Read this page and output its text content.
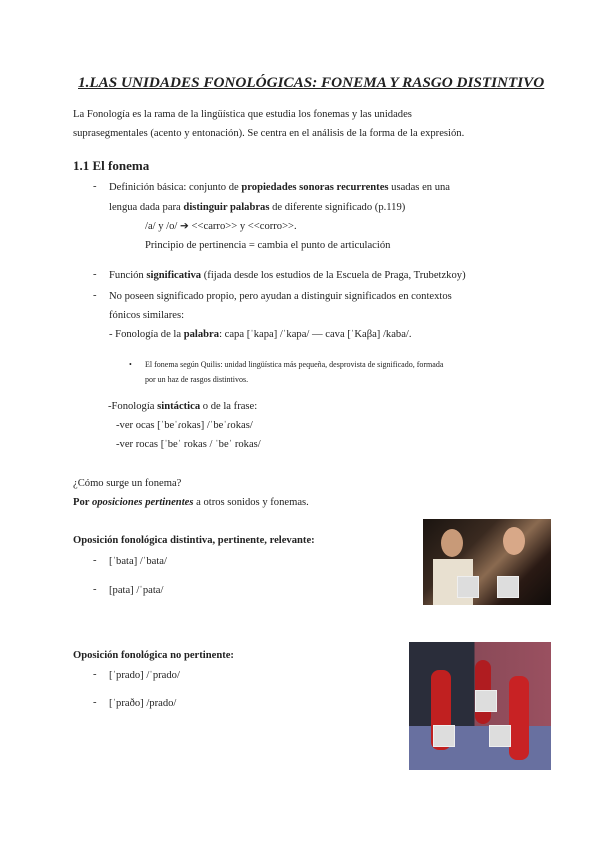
1.LAS UNIDADES FONOLÓGICAS: FONEMA Y RASGO DISTINTIVO
La Fonología es la rama de la lingüística que estudia los fonemas y las unidades
suprasegmentales (acento y entonación). Se centra en el análisis de la forma de la expresión.
1.1 El fonema
- Definición básica: conjunto de propiedades sonoras recurrentes usadas en una
lengua dada para distinguir palabras de diferente significado (p.119)
/a/ y /o/ ➔ <<carro>> y <<corro>>.
Principio de pertinencia = cambia el punto de articulación
- Función significativa (fijada desde los estudios de la Escuela de Praga, Trubetzkoy)
- No poseen significado propio, pero ayudan a distinguir significados en contextos
fónicos similares:
- Fonología de la palabra: capa [ˈkapa] /ˈkapa/ — cava [ˈKaβa] /kaba/.
• El fonema según Quilis: unidad lingüística más pequeña, desprovista de significado, formada
por un haz de rasgos distintivos.
-Fonología sintáctica o de la frase:
-ver ocas [ˈbeˈɾokas] /ˈbeˈɾokas/
-ver rocas [ˈbeˈ rokas / ˈbeˈ rokas/
¿Cómo surge un fonema?
Por oposiciones pertinentes a otros sonidos y fonemas.
Oposición fonológica distintiva, pertinente, relevante:
- [ˈbata] /ˈbata/
- [pata] /ˈpata/
Oposición fonológica no pertinente:
- [ˈprado] /ˈprado/
- [ˈpraðo] /prado/
